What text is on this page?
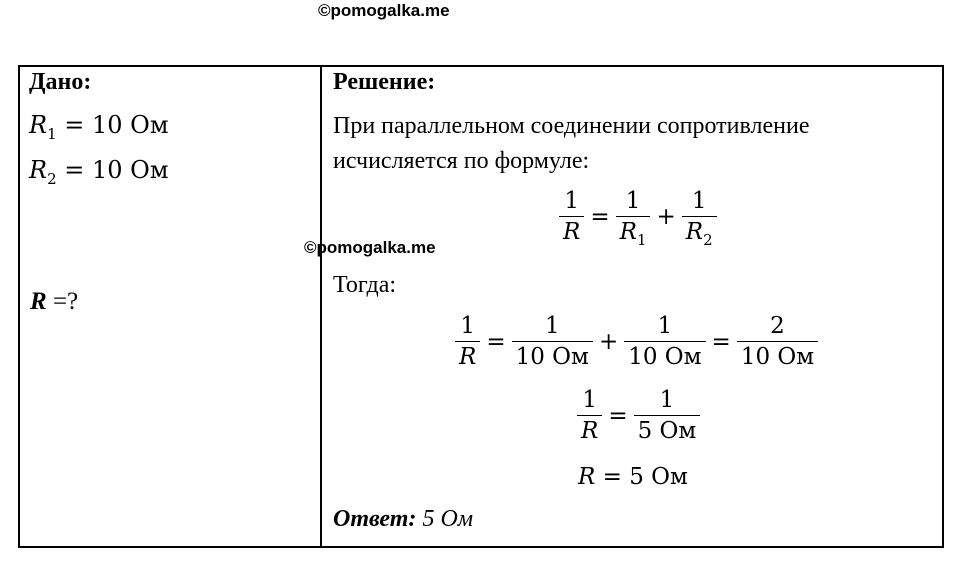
©pomogalka.me
©pomogalka.me
Дано:
$R_1 = 10$ Ом
$R_2 = 10$ Ом
R =?
Решение:
При параллельном соединении сопротивление
исчисляется по формуле:
$\frac{1}{R} = \frac{1}{R_1} + \frac{1}{R_2}$
Тогда:
$\frac{1}{R} = \frac{1}{10 Ом} + \frac{1}{10 Ом} = \frac{2}{10 Ом}$
$\frac{1}{R} = \frac{1}{5 Ом}$
R
= 5 Ом
Ответ: 5 Ом
